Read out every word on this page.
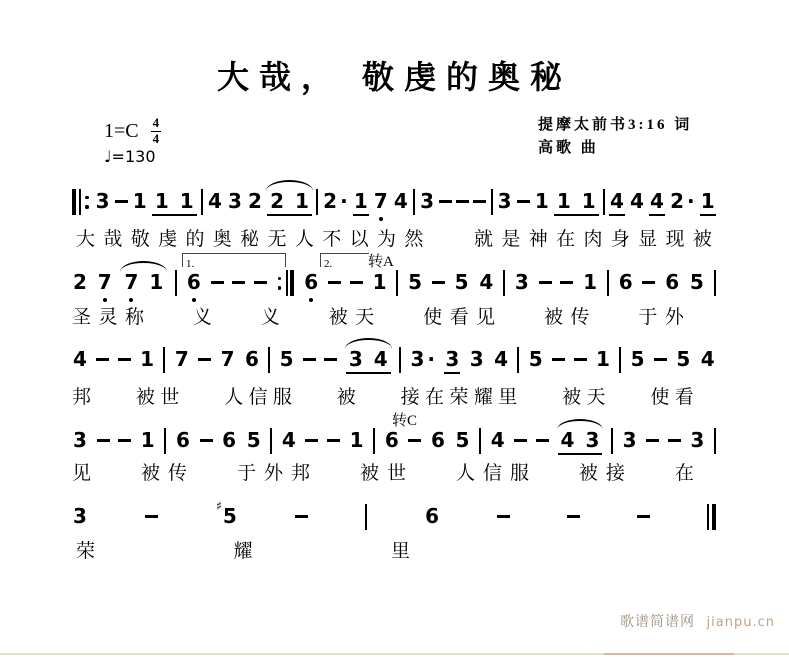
大哉， 敬虔的奥秘
$1=C \frac{4}{4}$
♩=130
提摩太前书3:16 词
高歌 曲
3 1 1 1 4 3 2 2 1 2 · 1 7 4 3	3 1 1 1 4 4 4 2 · 1
大 哉 敬 虔 的 奥 秘 无 人 不 以 为 然	就 是 神 在 肉 身 显 现 被
1.	2.	转A
2 7 7 1 6	6	1 5 5 4 3	1 6 6 5
圣 灵 称	义	义	被 天	使 看 见	被 传	于 外
4	1 7 7 6 5	3 4 3 · 3 3 4 5	1 5 5 4
邦 被 世 人 信 服 被 接 在 荣 耀 里 被 天 使 看
转C
3	1 6 6 5 4	1 6 6 5 4	4 3 3	3
见	被 传	于 外 邦	被 世	人 信 服	被 接	在
3	♯ 5	6
荣	耀	里
歌谱简谱网 jianpu.cn
